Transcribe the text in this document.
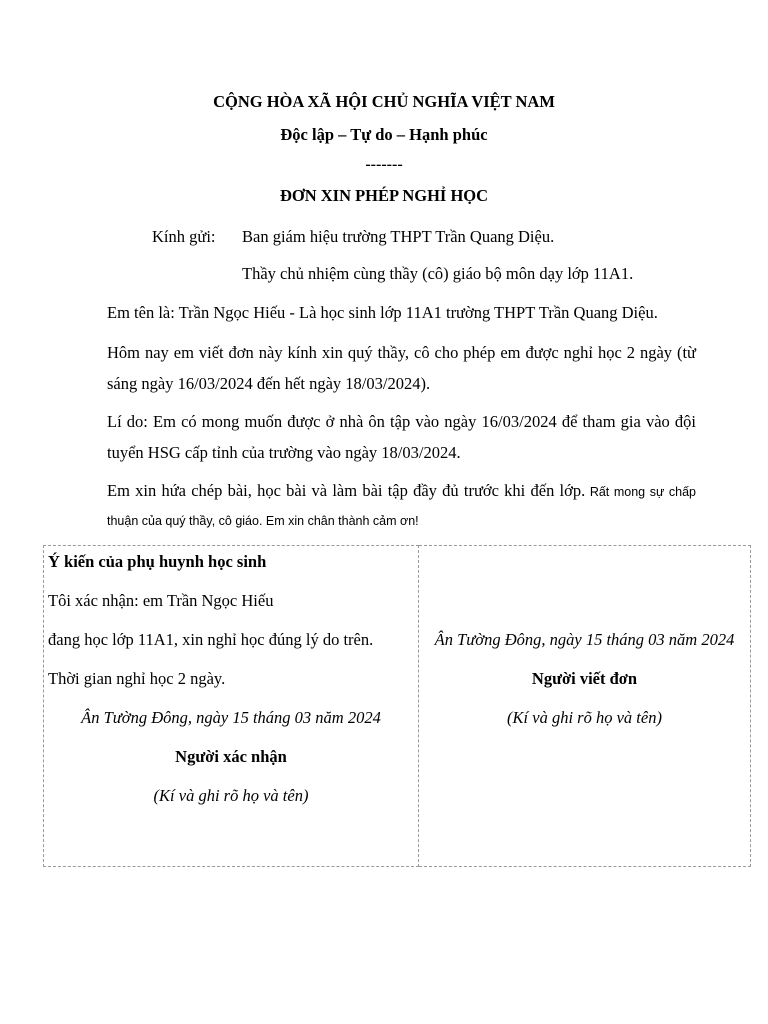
CỘNG HÒA XÃ HỘI CHỦ NGHĨA VIỆT NAM
Độc lập – Tự do – Hạnh phúc
-------
ĐƠN XIN PHÉP NGHỈ HỌC
Kính gửi: Ban giám hiệu trường THPT Trần Quang Diệu.
Thầy chủ nhiệm cùng thầy (cô) giáo bộ môn dạy lớp 11A1.
Em tên là: Trần Ngọc Hiếu - Là học sinh lớp 11A1 trường THPT Trần Quang Diệu.
Hôm nay em viết đơn này kính xin quý thầy, cô cho phép em được nghỉ học 2 ngày (từ sáng ngày 16/03/2024 đến hết ngày 18/03/2024).
Lí do: Em có mong muốn được ở nhà ôn tập vào ngày 16/03/2024 để tham gia vào đội tuyển HSG cấp tỉnh của trường vào ngày 18/03/2024.
Em xin hứa chép bài, học bài và làm bài tập đầy đủ trước khi đến lớp. Rất mong sự chấp thuận của quý thầy, cô giáo. Em xin chân thành cảm ơn!
Ý kiến của phụ huynh học sinh
Tôi xác nhận: em Trần Ngọc Hiếu
đang học lớp 11A1, xin nghỉ học đúng lý do trên.
Thời gian nghỉ học 2 ngày.
Ân Tường Đông, ngày 15 tháng 03 năm 2024
Người xác nhận
(Kí và ghi rõ họ và tên)

Ân Tường Đông, ngày 15 tháng 03 năm 2024
Người viết đơn
(Kí và ghi rõ họ và tên)
